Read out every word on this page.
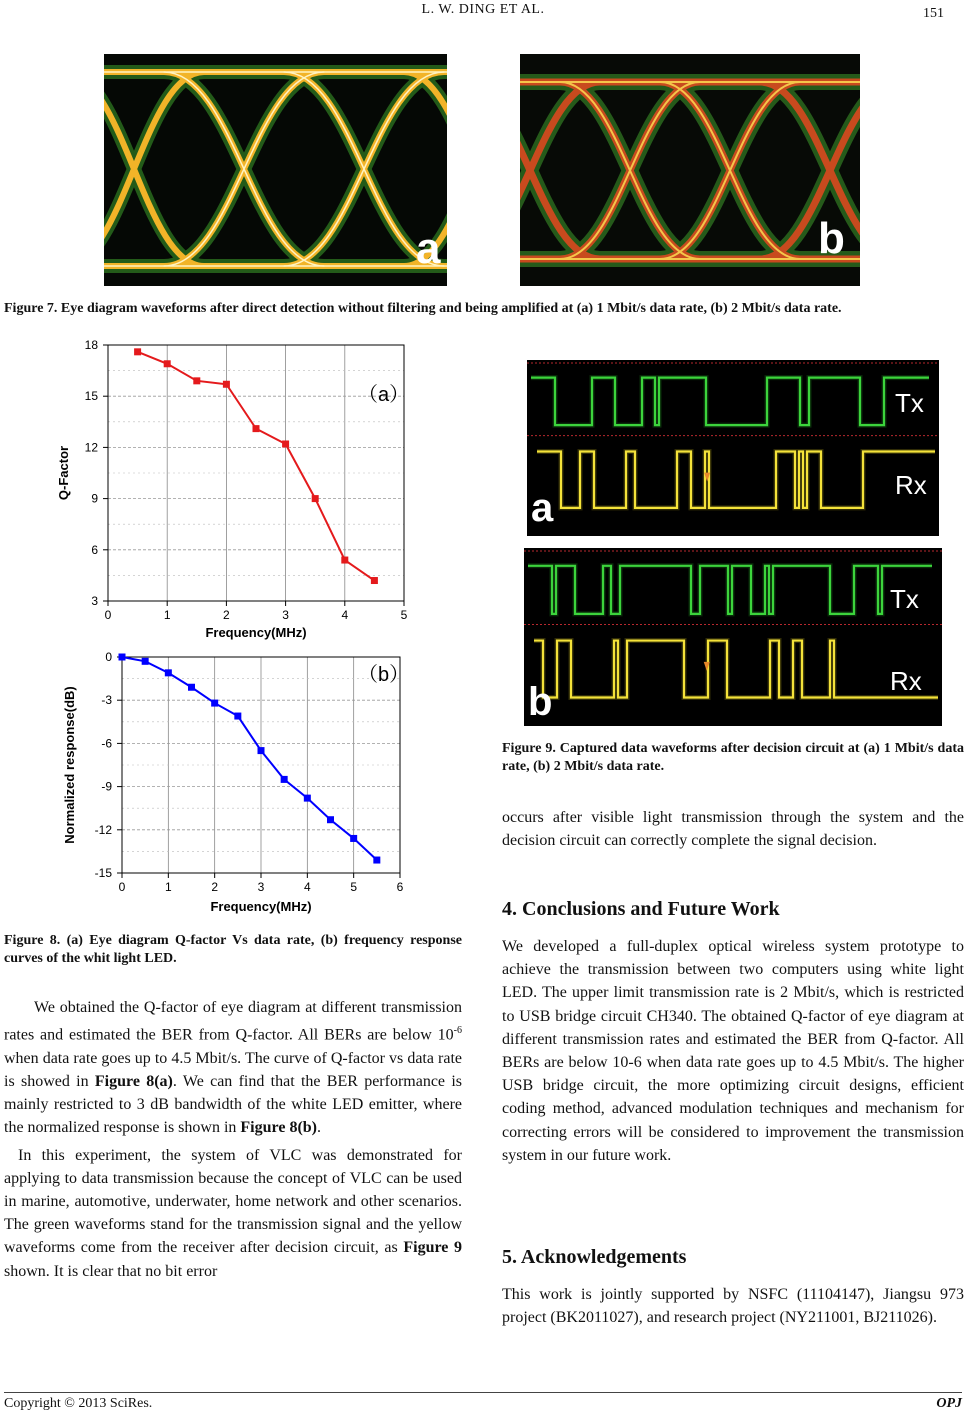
L. W. DING ET AL.	151
a	b
Figure 7. Eye diagram waveforms after direct detection without filtering and being amplified at (a) 1 Mbit/s data rate, (b) 2 Mbit/s data rate.
0	1	2	3	4	5
3
6
9
12
15
18
（a）
Frequency(MHz)
Q-Factor
0	1	2	3	4	5	6
-15
-12
-9
-6
-3
0
（b）
Frequency(MHz)
Normalized response(dB)
Figure 8. (a) Eye diagram Q-factor Vs data rate, (b) frequency response curves of the whit light LED.

We obtained the Q-factor of eye diagram at different transmission rates and estimated the BER from Q-factor. All BERs are below $10^{-6}$ when data rate goes up to 4.5 Mbit/s. The curve of Q-factor vs data rate is showed in Figure 8(a). We can find that the BER performance is mainly restricted to 3 dB bandwidth of the white LED emitter, where the normalized response is shown in Figure 8(b).

In this experiment, the system of VLC was demonstrated for applying to data transmission because the concept of VLC can be used in marine, automotive, underwater, home network and other scenarios. The green waveforms stand for the transmission signal and the yellow waveforms come from the receiver after decision circuit, as Figure 9 shown. It is clear that no bit error

Tx
Rx
a
Tx
Rx
b
Figure 9. Captured data waveforms after decision circuit at (a) 1 Mbit/s data rate, (b) 2 Mbit/s data rate.
occurs after visible light transmission through the system and the decision circuit can correctly complete the signal decision.
4. Conclusions and Future Work
We developed a full-duplex optical wireless system prototype to achieve the transmission between two computers using white light LED. The upper limit transmission rate is 2 Mbit/s, which is restricted to USB bridge circuit CH340. The obtained Q-factor of eye diagram at different transmission rates and estimated the BER from Q-factor. All BERs are below 10-6 when data rate goes up to 4.5 Mbit/s. The higher USB bridge circuit, the more optimizing circuit designs, efficient coding method, advanced modulation techniques and mechanism for correcting errors will be considered to improvement the transmission system in our future work.
5. Acknowledgements
This work is jointly supported by NSFC (11104147), Jiangsu 973 project (BK2011027), and research project (NY211001, BJ211026).
Copyright © 2013 SciRes.	OPJ
